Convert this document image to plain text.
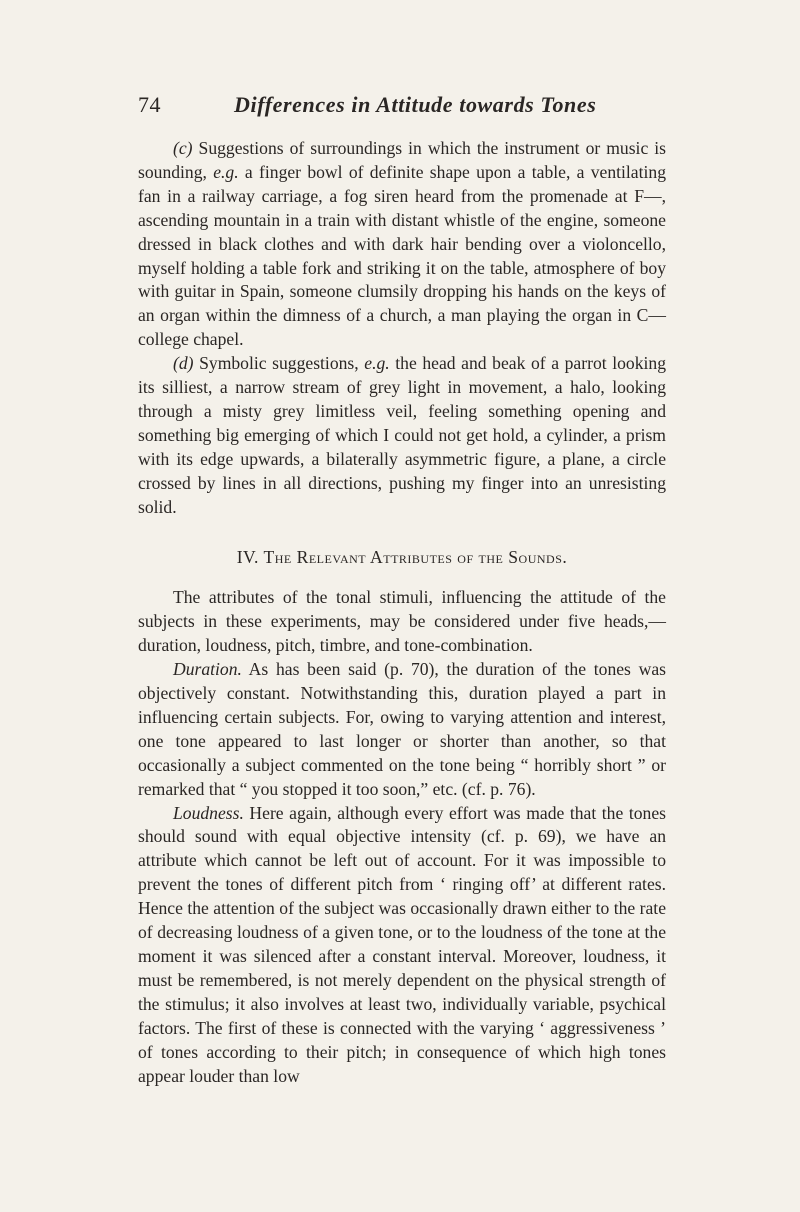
74	Differences in Attitude towards Tones

(c) Suggestions of surroundings in which the instrument or music is sounding, e.g. a finger bowl of definite shape upon a table, a ventilating fan in a railway carriage, a fog siren heard from the promenade at F—, ascending mountain in a train with distant whistle of the engine, someone dressed in black clothes and with dark hair bending over a violoncello, myself holding a table fork and striking it on the table, atmosphere of boy with guitar in Spain, someone clumsily dropping his hands on the keys of an organ within the dimness of a church, a man playing the organ in C— college chapel.

(d) Symbolic suggestions, e.g. the head and beak of a parrot looking its silliest, a narrow stream of grey light in movement, a halo, looking through a misty grey limitless veil, feeling something opening and something big emerging of which I could not get hold, a cylinder, a prism with its edge upwards, a bilaterally asymmetric figure, a plane, a circle crossed by lines in all directions, pushing my finger into an unresisting solid.

IV. The Relevant Attributes of the Sounds.

The attributes of the tonal stimuli, influencing the attitude of the subjects in these experiments, may be considered under five heads,—duration, loudness, pitch, timbre, and tone-combination.

Duration. As has been said (p. 70), the duration of the tones was objectively constant. Notwithstanding this, duration played a part in influencing certain subjects. For, owing to varying attention and interest, one tone appeared to last longer or shorter than another, so that occasionally a subject commented on the tone being “ horribly short ” or remarked that “ you stopped it too soon,” etc. (cf. p. 76).

Loudness. Here again, although every effort was made that the tones should sound with equal objective intensity (cf. p. 69), we have an attribute which cannot be left out of account. For it was impossible to prevent the tones of different pitch from ‘ ringing off’ at different rates. Hence the attention of the subject was occasionally drawn either to the rate of decreasing loudness of a given tone, or to the loudness of the tone at the moment it was silenced after a constant interval. Moreover, loudness, it must be remembered, is not merely dependent on the physical strength of the stimulus; it also involves at least two, individually variable, psychical factors. The first of these is connected with the varying ‘ aggressiveness ’ of tones according to their pitch; in consequence of which high tones appear louder than low
